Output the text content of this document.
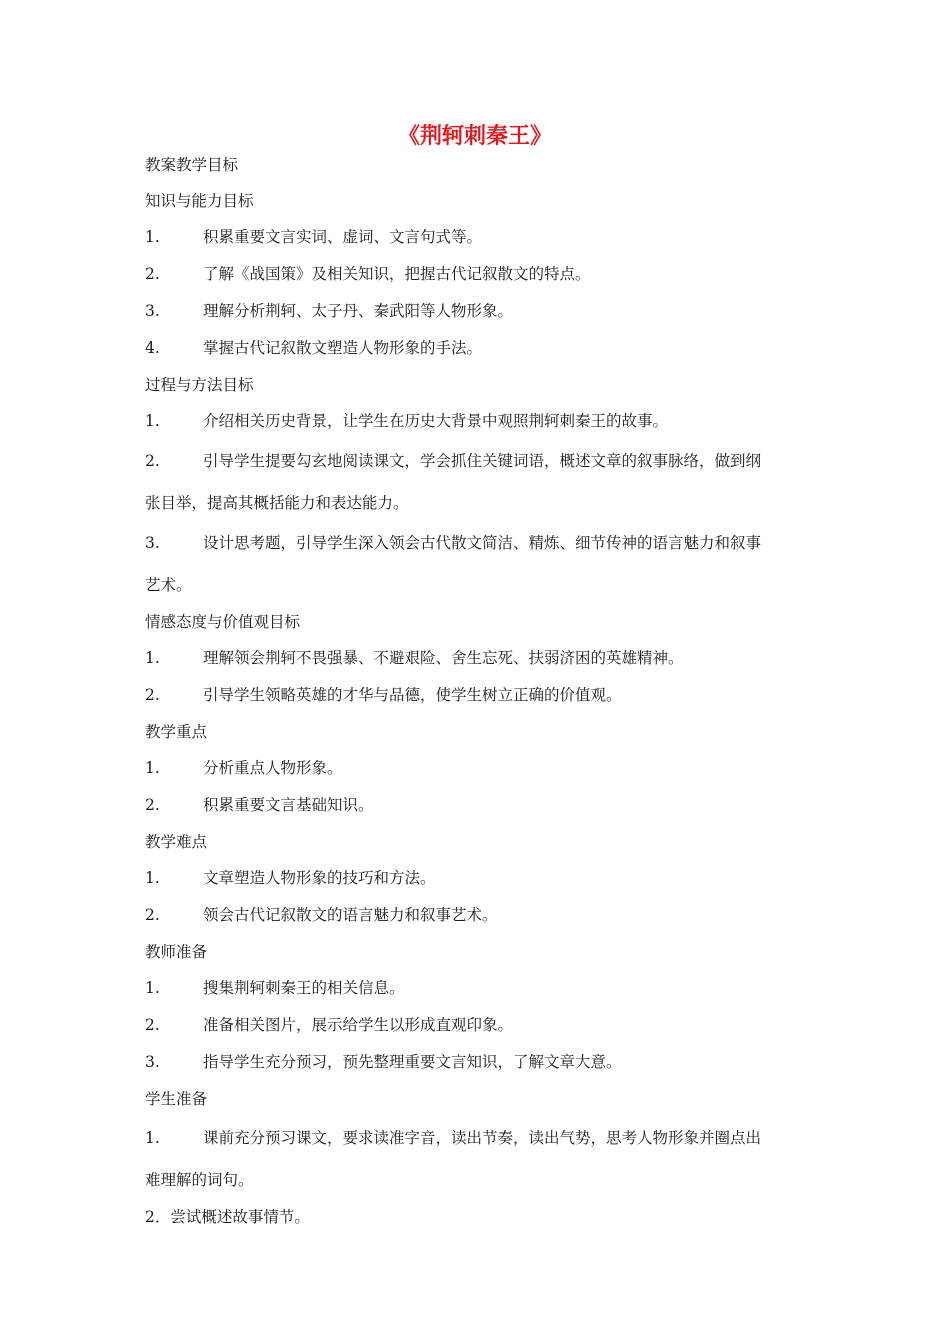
《荆轲刺秦王》
教案教学目标
知识与能力目标
1.	积累重要文言实词、虚词、文言句式等。
2.	了解《战国策》及相关知识，把握古代记叙散文的特点。
3.	理解分析荆轲、太子丹、秦武阳等人物形象。
4.	掌握古代记叙散文塑造人物形象的手法。
过程与方法目标
1.	介绍相关历史背景，让学生在历史大背景中观照荆轲刺秦王的故事。
2.	引导学生提要勾玄地阅读课文，学会抓住关键词语，概述文章的叙事脉络，做到纲
张目举，提高其概括能力和表达能力。
3.	设计思考题，引导学生深入领会古代散文简洁、精炼、细节传神的语言魅力和叙事
艺术。
情感态度与价值观目标
1.	理解领会荆轲不畏强暴、不避艰险、舍生忘死、扶弱济困的英雄精神。
2.	引导学生领略英雄的才华与品德，使学生树立正确的价值观。
教学重点
1.	分析重点人物形象。
2.	积累重要文言基础知识。
教学难点
1.	文章塑造人物形象的技巧和方法。
2.	领会古代记叙散文的语言魅力和叙事艺术。
教师准备
1.	搜集荆轲刺秦王的相关信息。
2.	准备相关图片，展示给学生以形成直观印象。
3.	指导学生充分预习，预先整理重要文言知识，了解文章大意。
学生准备
1.	课前充分预习课文，要求读准字音，读出节奏，读出气势，思考人物形象并圈点出
难理解的词句。
2．尝试概述故事情节。
